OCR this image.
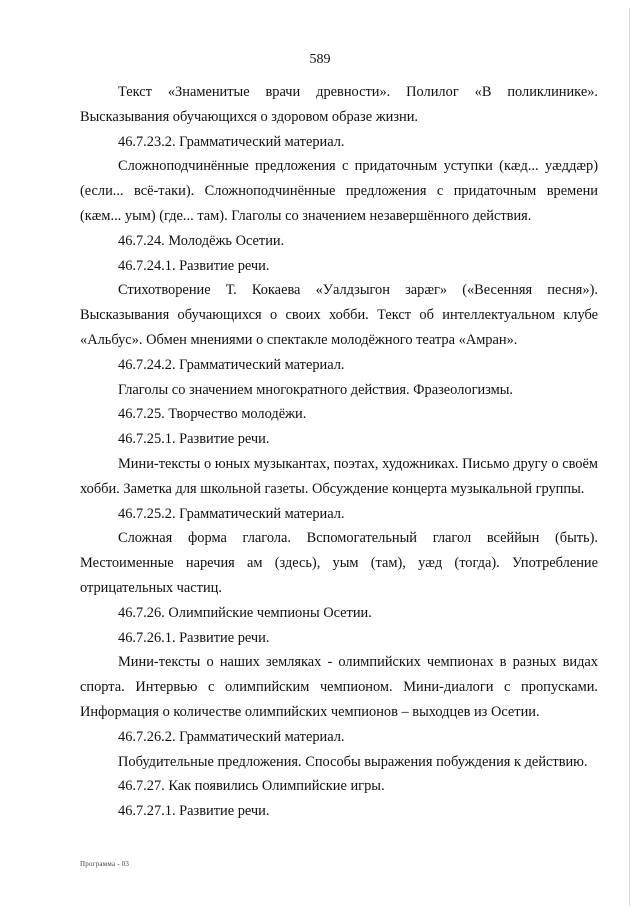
589

Текст «Знаменитые врачи древности». Полилог «В поликлинике». Высказывания обучающихся о здоровом образе жизни.

46.7.23.2. Грамматический материал.

Сложноподчинённые предложения с придаточным уступки (кæд... уæддæр) (если... всё-таки). Сложноподчинённые предложения с придаточным времени (кæм... уым) (где... там). Глаголы со значением незавершённого действия.

46.7.24. Молодёжь Осетии.

46.7.24.1. Развитие речи.

Стихотворение Т. Кокаева «Уалдзыгон зарæг» («Весенняя песня»). Высказывания обучающихся о своих хобби. Текст об интеллектуальном клубе «Альбус». Обмен мнениями о спектакле молодёжного театра «Амран».

46.7.24.2. Грамматический материал.

Глаголы со значением многократного действия. Фразеологизмы.

46.7.25. Творчество молодёжи.

46.7.25.1. Развитие речи.

Мини-тексты о юных музыкантах, поэтах, художниках. Письмо другу о своём хобби. Заметка для школьной газеты. Обсуждение концерта музыкальной группы.

46.7.25.2. Грамматический материал.

Сложная форма глагола. Вспомогательный глагол всеййын (быть). Местоименные наречия ам (здесь), уым (там), уæд (тогда). Употребление отрицательных частиц.

46.7.26. Олимпийские чемпионы Осетии.

46.7.26.1. Развитие речи.

Мини-тексты о наших земляках - олимпийских чемпионах в разных видах спорта. Интервью с олимпийским чемпионом. Мини-диалоги с пропусками. Информация о количестве олимпийских чемпионов – выходцев из Осетии.

46.7.26.2. Грамматический материал.

Побудительные предложения. Способы выражения побуждения к действию.

46.7.27. Как появились Олимпийские игры.

46.7.27.1. Развитие речи.

Программа - 03
